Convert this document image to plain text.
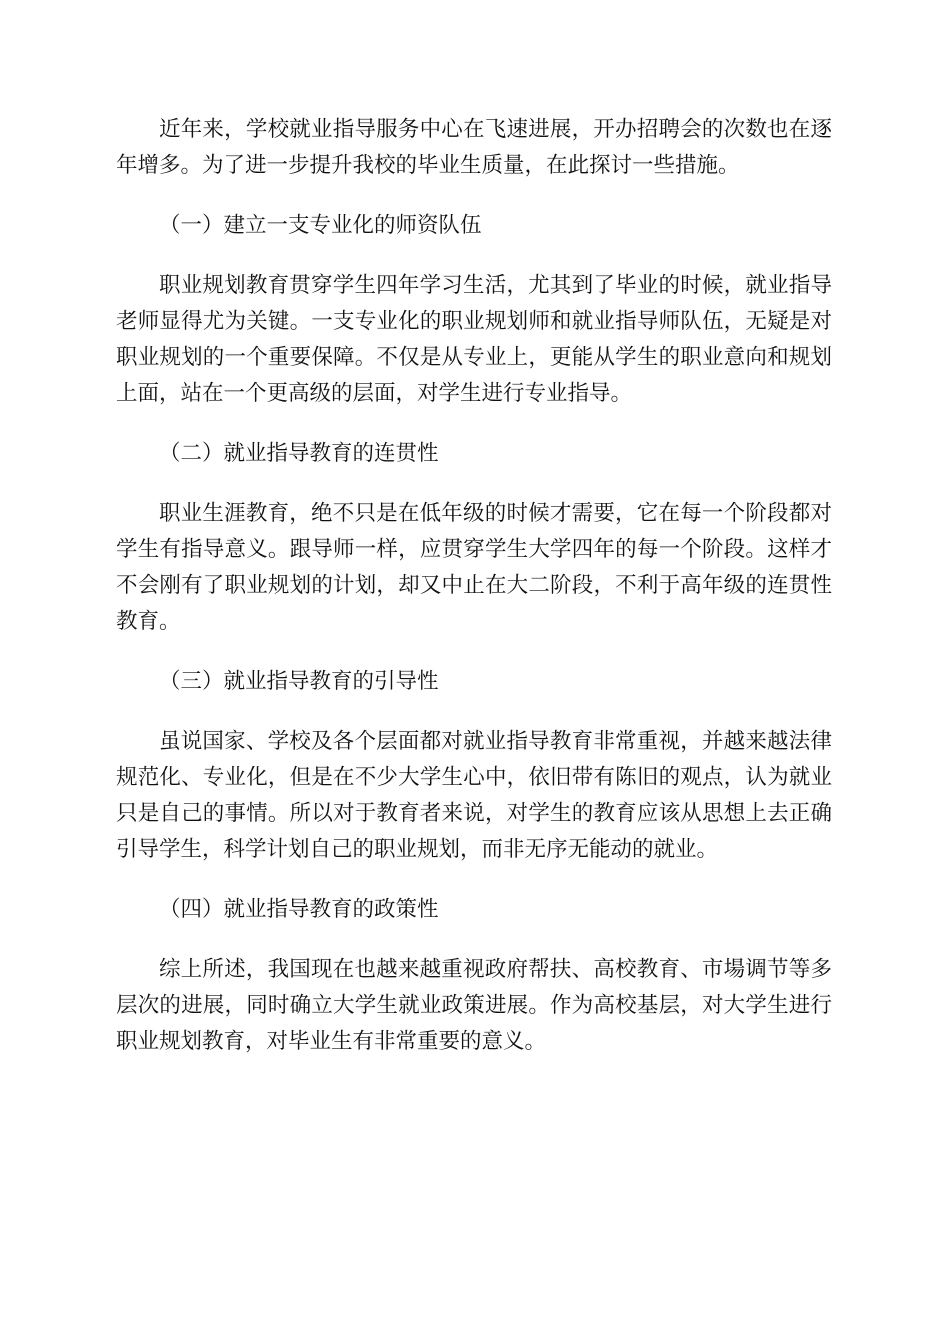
近年来，学校就业指导服务中心在飞速进展，开办招聘会的次数也在逐年增多。为了进一步提升我校的毕业生质量，在此探讨一些措施。

（一）建立一支专业化的师资队伍

职业规划教育贯穿学生四年学习生活，尤其到了毕业的时候，就业指导老师显得尤为关键。一支专业化的职业规划师和就业指导师队伍，无疑是对职业规划的一个重要保障。不仅是从专业上，更能从学生的职业意向和规划上面，站在一个更高级的层面，对学生进行专业指导。

（二）就业指导教育的连贯性

职业生涯教育，绝不只是在低年级的时候才需要，它在每一个阶段都对学生有指导意义。跟导师一样，应贯穿学生大学四年的每一个阶段。这样才不会刚有了职业规划的计划，却又中止在大二阶段，不利于高年级的连贯性教育。

（三）就业指导教育的引导性

虽说国家、学校及各个层面都对就业指导教育非常重视，并越来越法律规范化、专业化，但是在不少大学生心中，依旧带有陈旧的观点，认为就业只是自己的事情。所以对于教育者来说，对学生的教育应该从思想上去正确引导学生，科学计划自己的职业规划，而非无序无能动的就业。

（四）就业指导教育的政策性

综上所述，我国现在也越来越重视政府帮扶、高校教育、市場调节等多层次的进展，同时确立大学生就业政策进展。作为高校基层，对大学生进行职业规划教育，对毕业生有非常重要的意义。
